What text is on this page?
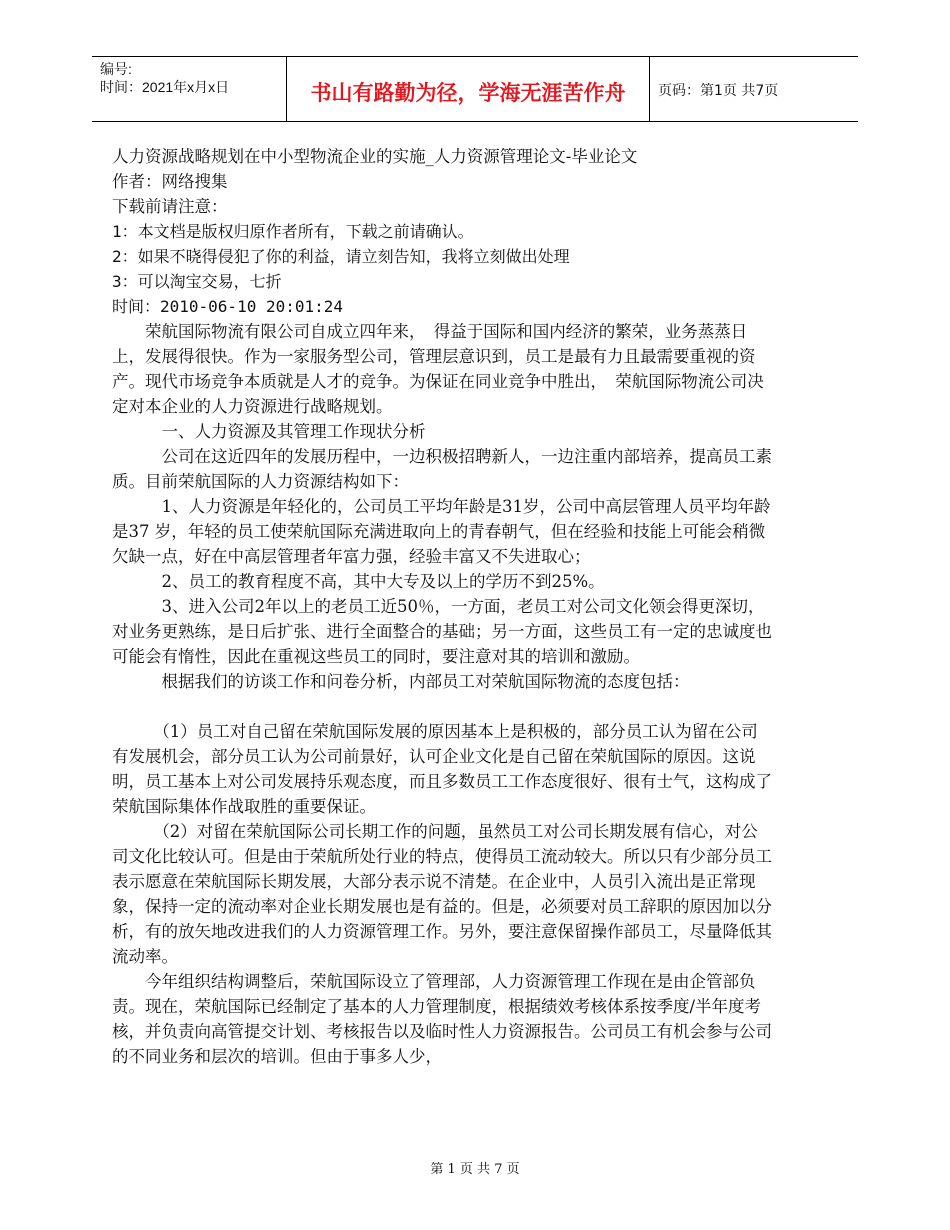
编号:
时间：2021年x月x日	书山有路勤为径，学海无涯苦作舟	页码：第1页 共7页

人力资源战略规划在中小型物流企业的实施_人力资源管理论文-毕业论文

作者：网络搜集

下载前请注意：

1：本文档是版权归原作者所有，下载之前请确认。

2：如果不晓得侵犯了你的利益，请立刻告知，我将立刻做出处理

3：可以淘宝交易，七折

时间：2010-06-10 20:01:24

荣航国际物流有限公司自成立四年来，　得益于国际和国内经济的繁荣，业务蒸蒸日上，发展得很快。作为一家服务型公司，管理层意识到，员工是最有力且最需要重视的资产。现代市场竞争本质就是人才的竞争。为保证在同业竞争中胜出，　荣航国际物流公司决定对本企业的人力资源进行战略规划。

　一、人力资源及其管理工作现状分析

　公司在这近四年的发展历程中，一边积极招聘新人，一边注重内部培养，提高员工素质。目前荣航国际的人力资源结构如下：

　1、人力资源是年轻化的，公司员工平均年龄是31岁，公司中高层管理人员平均年龄是37 岁，年轻的员工使荣航国际充满进取向上的青春朝气，但在经验和技能上可能会稍微欠缺一点，好在中高层管理者年富力强，经验丰富又不失进取心；

　2、员工的教育程度不高，其中大专及以上的学历不到25%。

　3、进入公司2年以上的老员工近50％，一方面，老员工对公司文化领会得更深切，对业务更熟练，是日后扩张、进行全面整合的基础；另一方面，这些员工有一定的忠诚度也可能会有惰性，因此在重视这些员工的同时，要注意对其的培训和激励。

　根据我们的访谈工作和问卷分析，内部员工对荣航国际物流的态度包括：

　（1）员工对自己留在荣航国际发展的原因基本上是积极的，部分员工认为留在公司有发展机会，部分员工认为公司前景好，认可企业文化是自己留在荣航国际的原因。这说明，员工基本上对公司发展持乐观态度，而且多数员工工作态度很好、很有士气，这构成了荣航国际集体作战取胜的重要保证。

　（2）对留在荣航国际公司长期工作的问题，虽然员工对公司长期发展有信心，对公司文化比较认可。但是由于荣航所处行业的特点，使得员工流动较大。所以只有少部分员工表示愿意在荣航国际长期发展，大部分表示说不清楚。在企业中，人员引入流出是正常现象，保持一定的流动率对企业长期发展也是有益的。但是，必须要对员工辞职的原因加以分析，有的放矢地改进我们的人力资源管理工作。另外，要注意保留操作部员工，尽量降低其流动率。

今年组织结构调整后，荣航国际设立了管理部，人力资源管理工作现在是由企管部负责。现在，荣航国际已经制定了基本的人力管理制度，根据绩效考核体系按季度/半年度考核，并负责向高管提交计划、考核报告以及临时性人力资源报告。公司员工有机会参与公司的不同业务和层次的培训。但由于事多人少，

第 1 页 共 7 页
